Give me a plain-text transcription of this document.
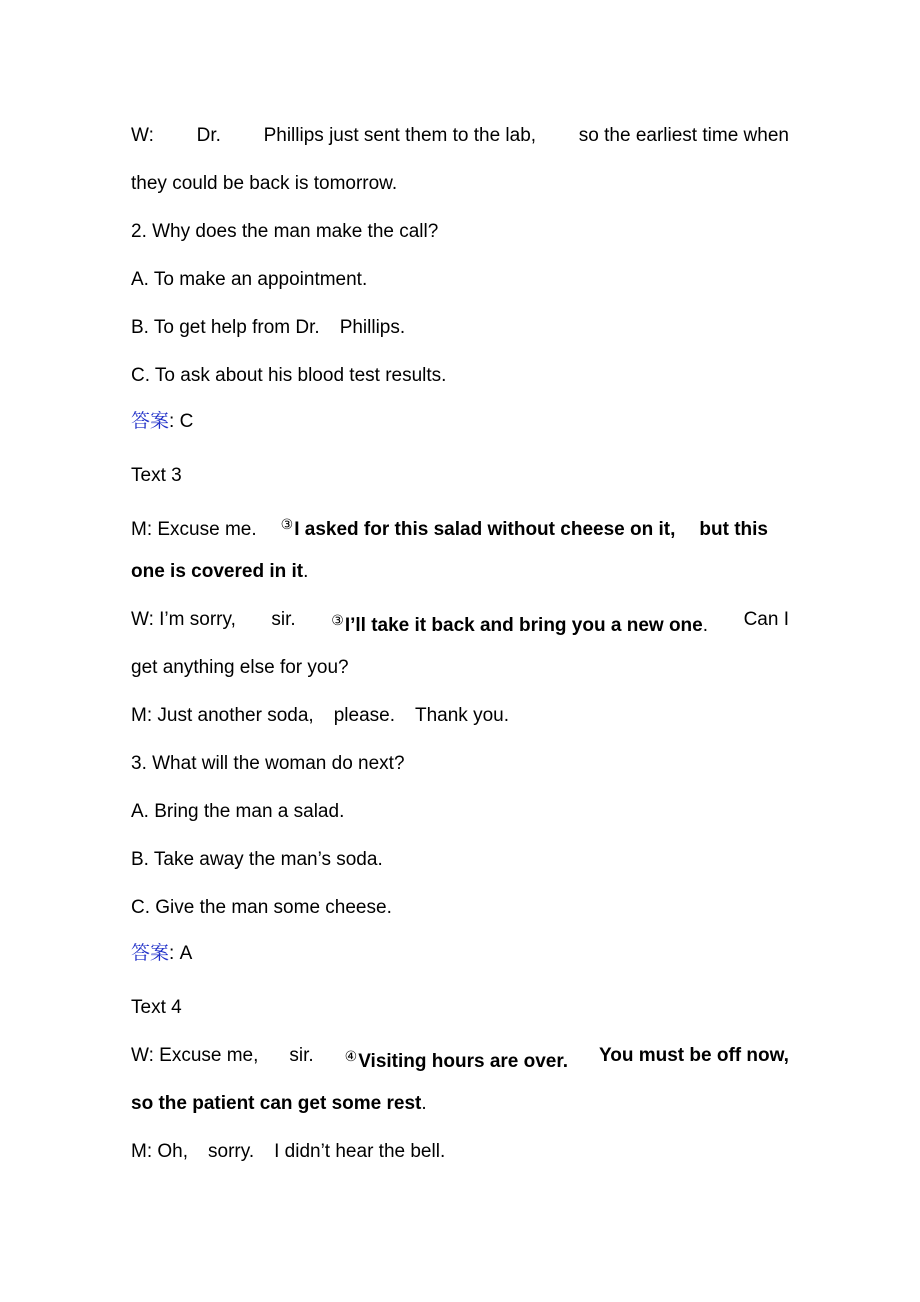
W: Dr. Phillips just sent them to the lab, so the earliest time when
they could be back is tomorrow.
2. Why does the man make the call?
A. To make an appointment.
B. To get help from Dr. Phillips.
C. To ask about his blood test results.
答案: C
Text 3
M: Excuse me. ③I asked for this salad without cheese on it, but this
one is covered in it.
W: I’m sorry, sir.	③I’ll take it back and bring you a new one. Can I
get anything else for you?
M: Just another soda, please. Thank you.
3. What will the woman do next?
A. Bring the man a salad.
B. Take away the man’s soda.
C. Give the man some cheese.
答案: A
Text 4
W: Excuse me, sir. ④Visiting hours are over. You must be off now,
so the patient can get some rest.
M: Oh, sorry. I didn’t hear the bell.
